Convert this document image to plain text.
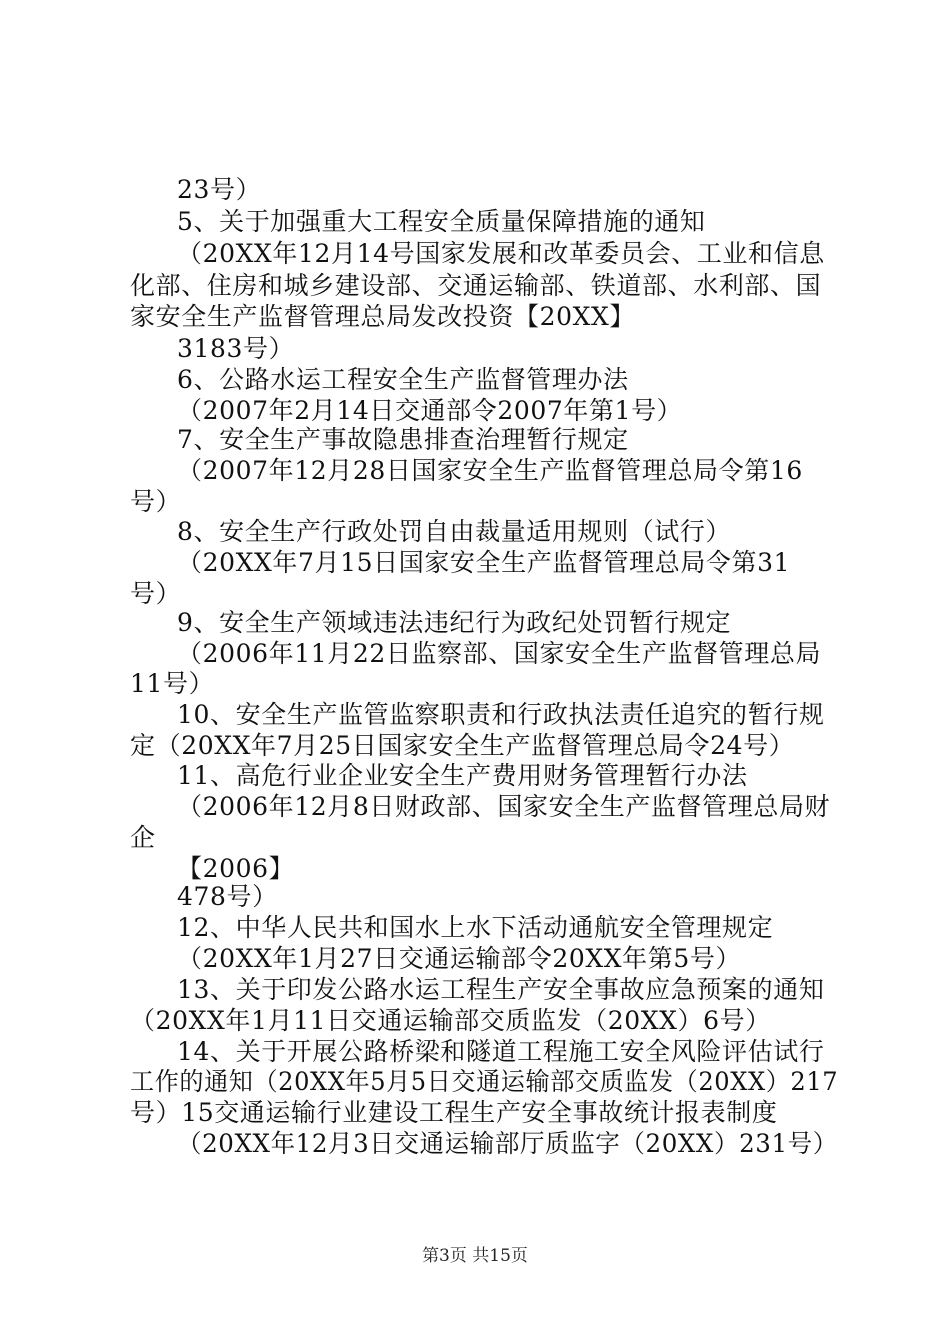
23号）
5、关于加强重大工程安全质量保障措施的通知
（20XX年12月14号国家发展和改革委员会、工业和信息
化部、住房和城乡建设部、交通运输部、铁道部、水利部、国
家安全生产监督管理总局发改投资【20XX】
3183号）
6、公路水运工程安全生产监督管理办法
（2007年2月14日交通部令2007年第1号）
7、安全生产事故隐患排查治理暂行规定
（2007年12月28日国家安全生产监督管理总局令第16
号）
8、安全生产行政处罚自由裁量适用规则（试行）
（20XX年7月15日国家安全生产监督管理总局令第31
号）
9、安全生产领域违法违纪行为政纪处罚暂行规定
（2006年11月22日监察部、国家安全生产监督管理总局
11号）
10、安全生产监管监察职责和行政执法责任追究的暂行规
定（20XX年7月25日国家安全生产监督管理总局令24号）
11、高危行业企业安全生产费用财务管理暂行办法
（2006年12月8日财政部、国家安全生产监督管理总局财
企
【2006】
478号）
12、中华人民共和国水上水下活动通航安全管理规定
（20XX年1月27日交通运输部令20XX年第5号）
13、关于印发公路水运工程生产安全事故应急预案的通知
（20XX年1月11日交通运输部交质监发（20XX）6号）
14、关于开展公路桥梁和隧道工程施工安全风险评估试行
工作的通知（20XX年5月5日交通运输部交质监发（20XX）217
号）15交通运输行业建设工程生产安全事故统计报表制度
（20XX年12月3日交通运输部厅质监字（20XX）231号）
第3页 共15页
